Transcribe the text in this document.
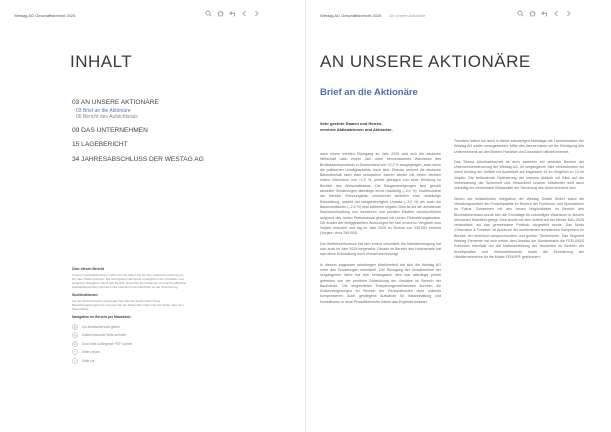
Westag AG Geschäftsbericht 2025
INHALT
03 AN UNSERE AKTIONÄRE
03 Brief an die Aktionäre
06 Bericht des Aufsichtsrats
09 DAS UNTERNEHMEN
15 LAGEBERICHT
34 JAHRESABSCHLUSS DER WESTAG AG
Über diesen Bericht
Unsere Geschäftsberichte in PDF-Format haben wir für eine praktische Nutzung am PC oder Tablet optimiert. Die verfolgbaren Elemente ermöglichen den schnellen und einfachen Navigation durch den Bericht. Gesuchte Informationen sind leicht auffindbar. Kapitelüberschriften sind als Links verknüpft und erleichtern so die Orientierung.
Suchfunktionen
Für die Stichwortsuche verwenden Sie bitte die Suchfunktion Ihres Betrachtungsprogramms. Kennen Sie die Seitenzahl, finden Sie die Seiten über den Seitenzähler.
Navigation im Bericht per Mausklick:
Zur Inhaltsübersicht gehen
Zuletzt besuchte Seite aufrufen
Durch das vorliegende PDF suchen
Seite zurück
Seite vor
Westag AG Geschäftsbericht 2025 An unsere Aktionäre
AN UNSERE AKTIONÄRE
Brief an die Aktionäre
Sehr geehrte Damen und Herren,
verehrte Aktionärinnen und Aktionäre,

nach einem leichten Rückgang im Jahr 2025 wird sich die deutsche Wirtschaft nach einem Jahr ohne nennenswertes Wachstum des Bruttoinlandsprodukts in Deutschland von +0,2 % ausgegangen, auch wenn die politischen Unwägbarkeiten hoch sind. Ebenso rechnet die deutsche Bauwirtschaft nach zwei schwachen Jahren wieder mit einem leichten realen Wachstum von +1,0 %, primär getragen von einer Erholung im Bereich des Wirtschaftsbaus. Die Baugenehmigungen sind gemäß aktuellen Schätzungen allerdings leicht rückläufig (–3,0 %). Insbesondere der Bereich Wohnungsbau verzeichnet weiterhin eine rückläufige Entwicklung, sowohl bei baugenehmigten Umsatz (–3,0 %) als auch die Bauinvestitionen (–2,4 %) sind weiterhin negativ. Dies ist auf die anhaltende Kaufzurückhaltung von Investoren und privaten Käufern zurückzuführen aufgrund des hohen Preisniveaus gepaart mit hohen Finanzierungskosten. Die Anzahl der fertiggestellten Wohnungen fiel sich erneut im Vergleich zum Vorjahr reduziert und lag im Jahr 2025 im Niveau von 235.000 erreicht (Vorjahr: circa 250.000).

Der Wettbewerbsdruck hat sich erneut verschärft, die Marktbereinigung hat sich auch im Jahr 2025 fortgesetzt. Gerade im Bereich des Holzhandels hat sich diese Entwicklung noch einmal beschleunigt.

In diesem insgesamt schwierigen Marktumfeld hat sich die Westag AG unter den Erwartungen entwickelt. Der Rückgang der Umsatzerlöse der vergangenen Jahre hat sich verlangsamt, dies war allerdings primär getrieben von der positiven Entwicklung der Umsätze im Bereich der Baumärkte. Die eingeleiteten Einsparungsmaßnahmen konnten die Kostensteigerungen im Bereich der Personalkosten nicht vollends kompensieren. Auch gestiegene Aufwände für Instandhaltung und Investitionen in neue Produktbereiche haben das Ergebnis belastet.

Trotzdem haben wir auch in dieser schwierigen Marktlage die Transformation der Westag AG weiter vorangetrieben. Mitte des Jahres haben wir die Kündigung des Unternehmens an den Börsen Frankfurt und Düsseldorf offiziell beendet.

Das Thema Arbeitssicherheit ist auch weiterhin ein zentraler Bereich der Unternehmensteuerung der Westag AG. Im vergangenen Jahr verzeichneten wir einen Anstieg der Unfälle mit Ausfallzeit auf insgesamt 16 im Vergleich zu 13 im Vorjahr. Die fortlaufende Optimierung der internen Abläufe mit Blick auf die Verbesserung der Sicherheit und Gesundheit unserer Mitarbeiter wird auch zukünftig ein elementarer Bestandteil der Steuerung des Unternehmens sein.

Neben der fortlaufenden Integration der Westag Getalit GmbH stand die Veredlungsschicht der Produktpalette im Bereich der Funktions- und Spezialtüren im Fokus. Zusammen mit den neuen Möglichkeiten im Bereich des Blockrahmenbaus wurde hier die Grundlage für zukünftiges Wachstum in diesem relevanten Marktfeld gelegt. Dies wurde mit dem Auftritt auf der Messe BAU 2025 verdeutlicht, wo das gemeinsame Portfolio vorgestellt wurde. Das Motto „Dimension & Funktion“ ist Ausdruck der kombinierten technischen Kompetenz im Bereich der technisch anspruchsvollen und großen Türelemente. Das Segment Westag Elemente hat sich neben dem Ausbau der Kundenbasis die FEELINGS Kollektion ebenfalls um die Materialerfüllung der Neuheiten im Bereich der Arbeitsplatten und Verbundelemente sowie die Erweiterung der Händlernetzwerks für die Marke FEMAP® gekümmert.
